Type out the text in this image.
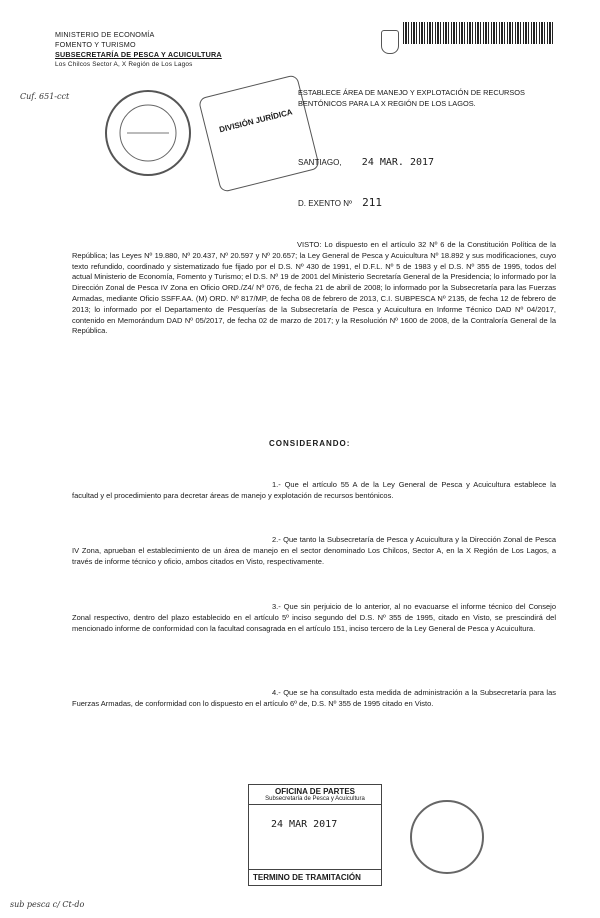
MINISTERIO DE ECONOMÍA
FOMENTO Y TURISMO
SUBSECRETARÍA DE PESCA Y ACUICULTURA
Los Chilcos Sector A, X Región de Los Lagos
Cuf. 651-cct
DIVISIÓN JURÍDICA
ESTABLECE ÁREA DE MANEJO Y EXPLOTACIÓN DE RECURSOS BENTÓNICOS PARA LA X REGIÓN DE LOS LAGOS.
SANTIAGO, 24 MAR. 2017
D. EXENTO Nº 211
VISTO: Lo dispuesto en el artículo 32 Nº 6 de la Constitución Política de la República; las Leyes Nº 19.880, Nº 20.437, Nº 20.597 y Nº 20.657; la Ley General de Pesca y Acuicultura Nº 18.892 y sus modificaciones, cuyo texto refundido, coordinado y sistematizado fue fijado por el D.S. Nº 430 de 1991, el D.F.L. Nº 5 de 1983 y el D.S. Nº 355 de 1995, todos del actual Ministerio de Economía, Fomento y Turismo; el D.S. Nº 19 de 2001 del Ministerio Secretaría General de la Presidencia; lo informado por la Dirección Zonal de Pesca IV Zona en Oficio ORD./Z4/ Nº 076, de fecha 21 de abril de 2008; lo informado por la Subsecretaría para las Fuerzas Armadas, mediante Oficio SSFF.AA. (M) ORD. Nº 817/MP, de fecha 08 de febrero de 2013, C.I. SUBPESCA Nº 2135, de fecha 12 de febrero de 2013; lo informado por el Departamento de Pesquerías de la Subsecretaría de Pesca y Acuicultura en Informe Técnico DAD Nº 04/2017, contenido en Memorándum DAD Nº 05/2017, de fecha 02 de marzo de 2017; y la Resolución Nº 1600 de 2008, de la Contraloría General de la República.
CONSIDERANDO:
1.- Que el artículo 55 A de la Ley General de Pesca y Acuicultura establece la facultad y el procedimiento para decretar áreas de manejo y explotación de recursos bentónicos.
2.- Que tanto la Subsecretaría de Pesca y Acuicultura y la Dirección Zonal de Pesca IV Zona, aprueban el establecimiento de un área de manejo en el sector denominado Los Chilcos, Sector A, en la X Región de Los Lagos, a través de informe técnico y oficio, ambos citados en Visto, respectivamente.
3.- Que sin perjuicio de lo anterior, al no evacuarse el informe técnico del Consejo Zonal respectivo, dentro del plazo establecido en el artículo 5º inciso segundo del D.S. Nº 355 de 1995, citado en Visto, se prescindirá del mencionado informe de conformidad con la facultad consagrada en el artículo 151, inciso tercero de la Ley General de Pesca y Acuicultura.
4.- Que se ha consultado esta medida de administración a la Subsecretaría para las Fuerzas Armadas, de conformidad con lo dispuesto en el artículo 6º de, D.S. Nº 355 de 1995 citado en Visto.
OFICINA DE PARTES
Subsecretaría de Pesca y Acuicultura
24 MAR 2017
TERMINO DE TRAMITACIÓN
sub pesca c/ Ct-do
